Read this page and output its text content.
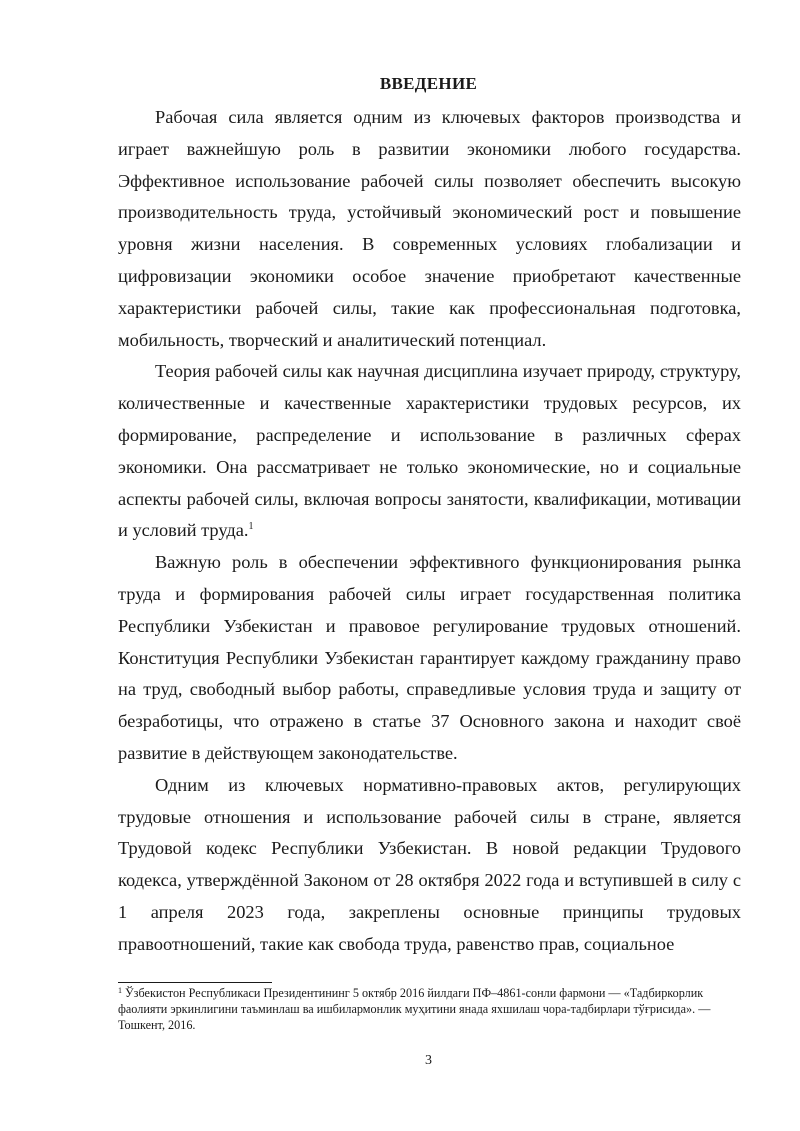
ВВЕДЕНИЕ

Рабочая сила является одним из ключевых факторов производства и играет важнейшую роль в развитии экономики любого государства. Эффективное использование рабочей силы позволяет обеспечить высокую производительность труда, устойчивый экономический рост и повышение уровня жизни населения. В современных условиях глобализации и цифровизации экономики особое значение приобретают качественные характеристики рабочей силы, такие как профессиональная подготовка, мобильность, творческий и аналитический потенциал.

Теория рабочей силы как научная дисциплина изучает природу, структуру, количественные и качественные характеристики трудовых ресурсов, их формирование, распределение и использование в различных сферах экономики. Она рассматривает не только экономические, но и социальные аспекты рабочей силы, включая вопросы занятости, квалификации, мотивации и условий труда.$^1$

Важную роль в обеспечении эффективного функционирования рынка труда и формирования рабочей силы играет государственная политика Республики Узбекистан и правовое регулирование трудовых отношений. Конституция Республики Узбекистан гарантирует каждому гражданину право на труд, свободный выбор работы, справедливые условия труда и защиту от безработицы, что отражено в статье 37 Основного закона и находит своё развитие в действующем законодательстве.

Одним из ключевых нормативно-правовых актов, регулирующих трудовые отношения и использование рабочей силы в стране, является Трудовой кодекс Республики Узбекистан. В новой редакции Трудового кодекса, утверждённой Законом от 28 октября 2022 года и вступившей в силу с 1 апреля 2023 года, закреплены основные принципы трудовых правоотношений, такие как свобода труда, равенство прав, социальное

$^1$ Ўзбекистон Республикаси Президентининг 5 октябр 2016 йилдаги ПФ–4861-сонли фармони — «Тадбиркорлик фаолияти эркинлигини таъминлаш ва ишбилармонлик муҳитини янада яхшилаш чора-тадбирлари тўғрисида». — Тошкент, 2016.
3
